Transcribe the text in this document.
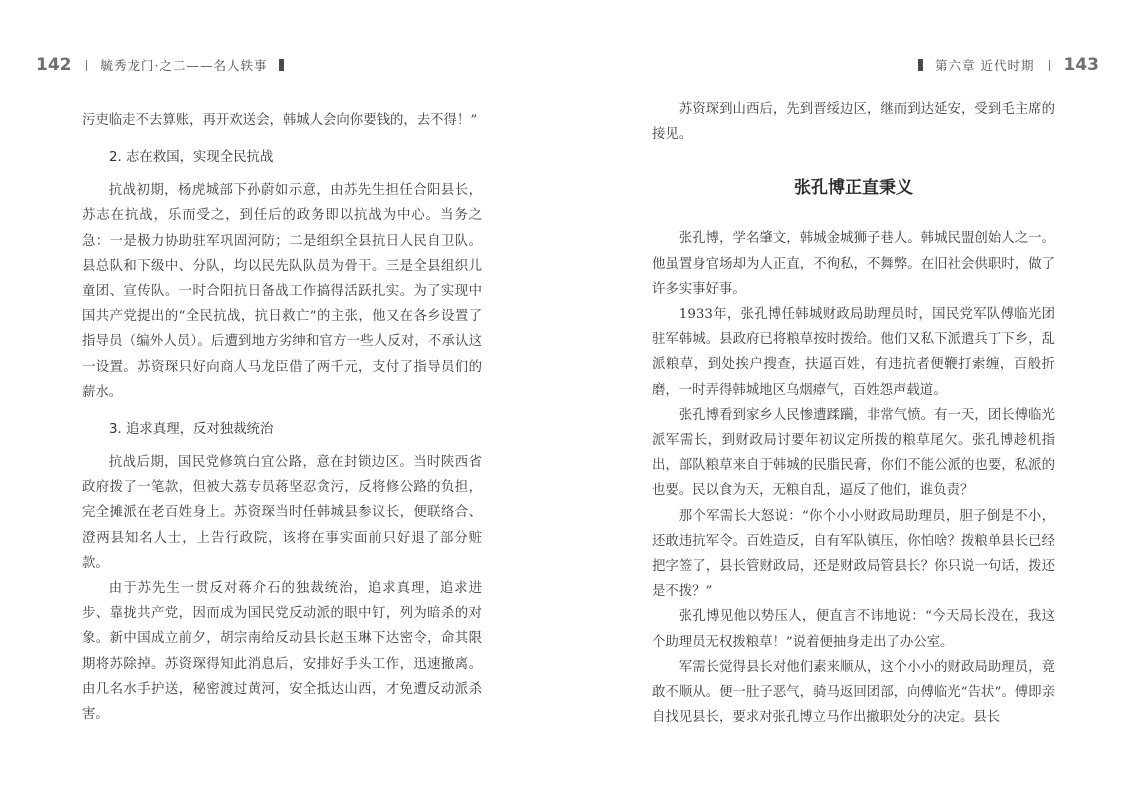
142 毓秀龙门·之二——名人轶事

污吏临走不去算账，再开欢送会，韩城人会向你要钱的，去不得！”

2. 志在救国，实现全民抗战

抗战初期，杨虎城部下孙蔚如示意，由苏先生担任合阳县长，苏志在抗战，乐而受之，到任后的政务即以抗战为中心。当务之急：一是极力协助驻军巩固河防；二是组织全县抗日人民自卫队。县总队和下级中、分队，均以民先队队员为骨干。三是全县组织儿童团、宣传队。一时合阳抗日备战工作搞得活跃扎实。为了实现中国共产党提出的“全民抗战，抗日救亡”的主张，他又在各乡设置了指导员（编外人员）。后遭到地方劣绅和官方一些人反对，不承认这一设置。苏资琛只好向商人马龙臣借了两千元，支付了指导员们的薪水。

3. 追求真理，反对独裁统治

抗战后期，国民党修筑白宜公路，意在封锁边区。当时陕西省政府拨了一笔款，但被大荔专员蒋坚忍贪污，反将修公路的负担，完全摊派在老百姓身上。苏资琛当时任韩城县参议长，便联络合、澄两县知名人士，上告行政院，该将在事实面前只好退了部分赃款。

由于苏先生一贯反对蒋介石的独裁统治，追求真理，追求进步、靠拢共产党，因而成为国民党反动派的眼中钉，列为暗杀的对象。新中国成立前夕，胡宗南给反动县长赵玉琳下达密令，命其限期将苏除掉。苏资琛得知此消息后，安排好手头工作，迅速撤离。由几名水手护送，秘密渡过黄河，安全抵达山西，才免遭反动派杀害。

第六章 近代时期 143

苏资琛到山西后，先到晋绥边区，继而到达延安，受到毛主席的接见。

张孔博正直秉义

张孔博，学名肇文，韩城金城狮子巷人。韩城民盟创始人之一。他虽置身官场却为人正直，不徇私，不舞弊。在旧社会供职时，做了许多实事好事。

1933年，张孔博任韩城财政局助理员时，国民党军队傅临光团驻军韩城。县政府已将粮草按时拨给。他们又私下派遣兵丁下乡，乱派粮草，到处挨户搜查，扶逼百姓，有违抗者便鞭打索缠，百般折磨，一时弄得韩城地区乌烟瘴气，百姓怨声载道。

张孔博看到家乡人民惨遭蹂躏，非常气愤。有一天，团长傅临光派军需长，到财政局讨要年初议定所拨的粮草尾欠。张孔博趁机指出，部队粮草来自于韩城的民脂民膏，你们不能公派的也要，私派的也要。民以食为天，无粮自乱，逼反了他们，谁负责？

那个军需长大怒说：“你个小小财政局助理员，胆子倒是不小，还敢违抗军令。百姓造反，自有军队镇压，你怕啥？拨粮单县长已经把字签了，县长管财政局，还是财政局管县长？你只说一句话，拨还是不拨？”

张孔博见他以势压人，便直言不讳地说：“今天局长没在，我这个助理员无权拨粮草！”说着便抽身走出了办公室。

军需长觉得县长对他们素来顺从，这个小小的财政局助理员，竟敢不顺从。便一肚子恶气，骑马返回团部，向傅临光“告状”。傅即亲自找见县长，要求对张孔博立马作出撤职处分的决定。县长
